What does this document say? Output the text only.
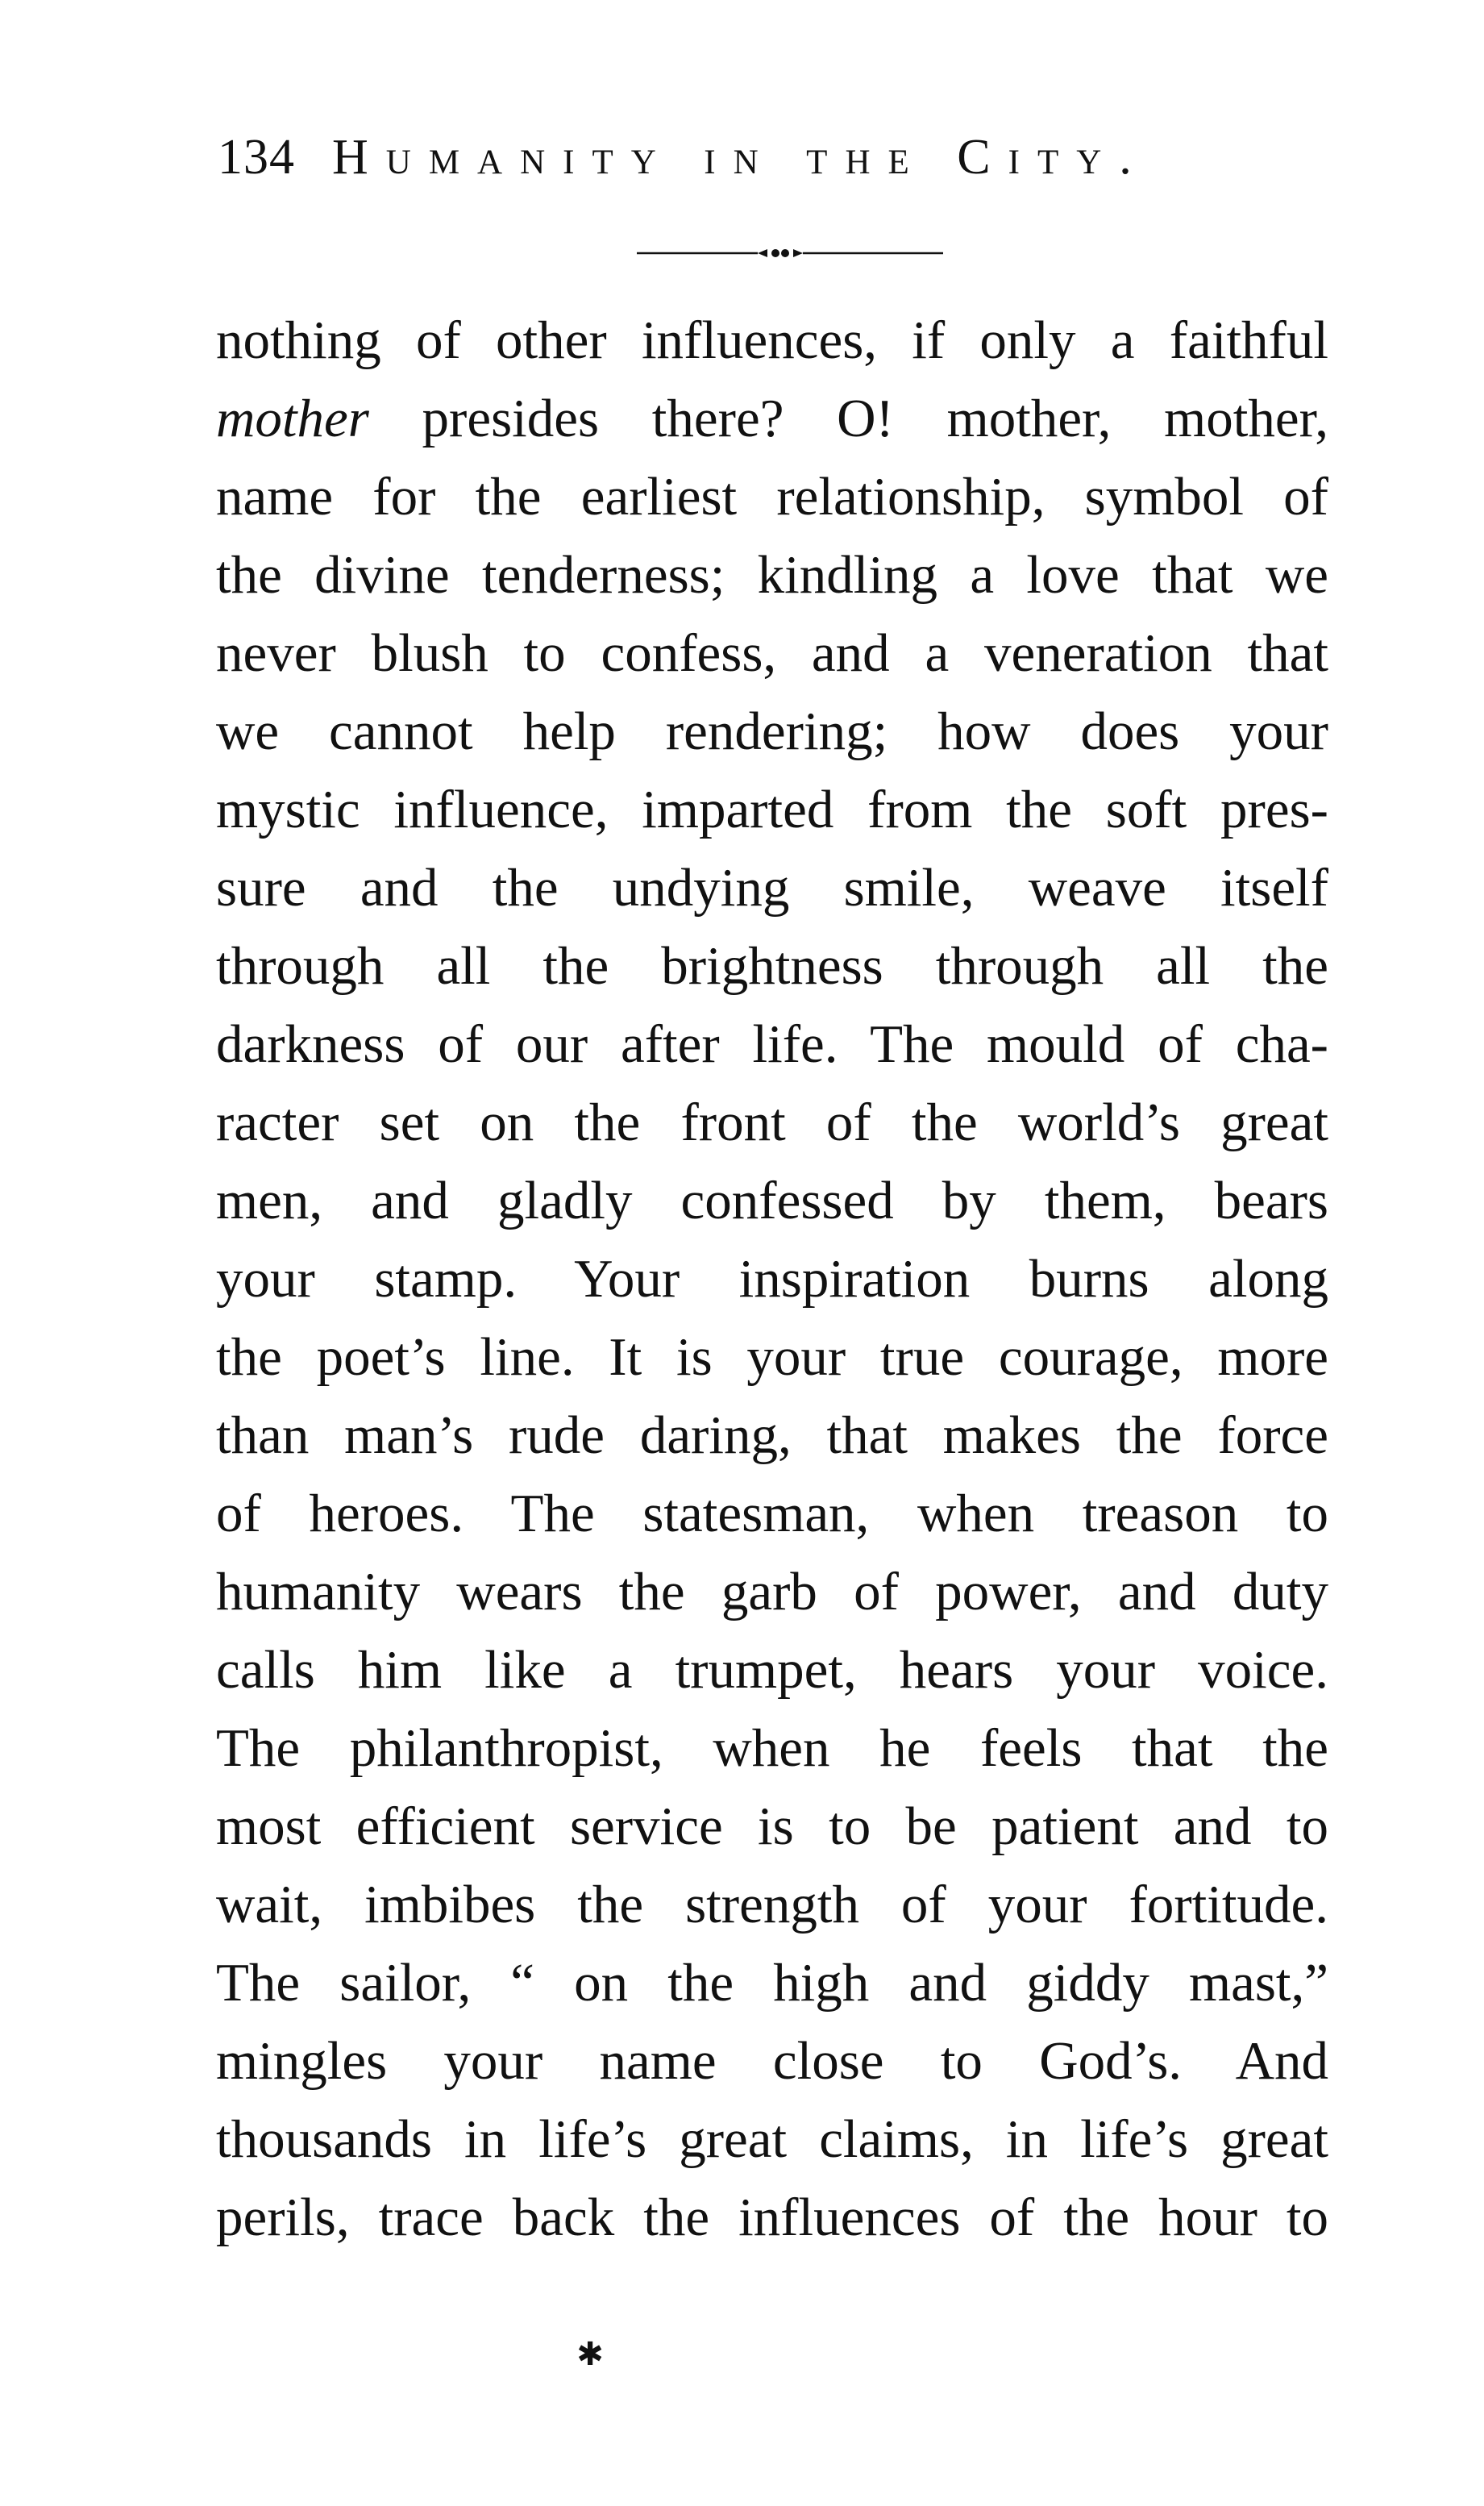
134 Humanity in the City.
nothing of other influences, if only a faithful
mother presides there? O! mother, mother,
name for the earliest relationship, symbol of
the divine tenderness; kindling a love that we
never blush to confess, and a veneration that
we cannot help rendering; how does your
mystic influence, imparted from the soft pres-
sure and the undying smile, weave itself
through all the brightness through all the
darkness of our after life. The mould of cha-
racter set on the front of the world’s great
men, and gladly confessed by them, bears
your stamp. Your inspiration burns along
the poet’s line. It is your true courage, more
than man’s rude daring, that makes the force
of heroes. The statesman, when treason to
humanity wears the garb of power, and duty
calls him like a trumpet, hears your voice.
The philanthropist, when he feels that the
most efficient service is to be patient and to
wait, imbibes the strength of your fortitude.
The sailor, “ on the high and giddy mast,”
mingles your name close to God’s. And
thousands in life’s great claims, in life’s great
perils, trace back the influences of the hour to
✱
